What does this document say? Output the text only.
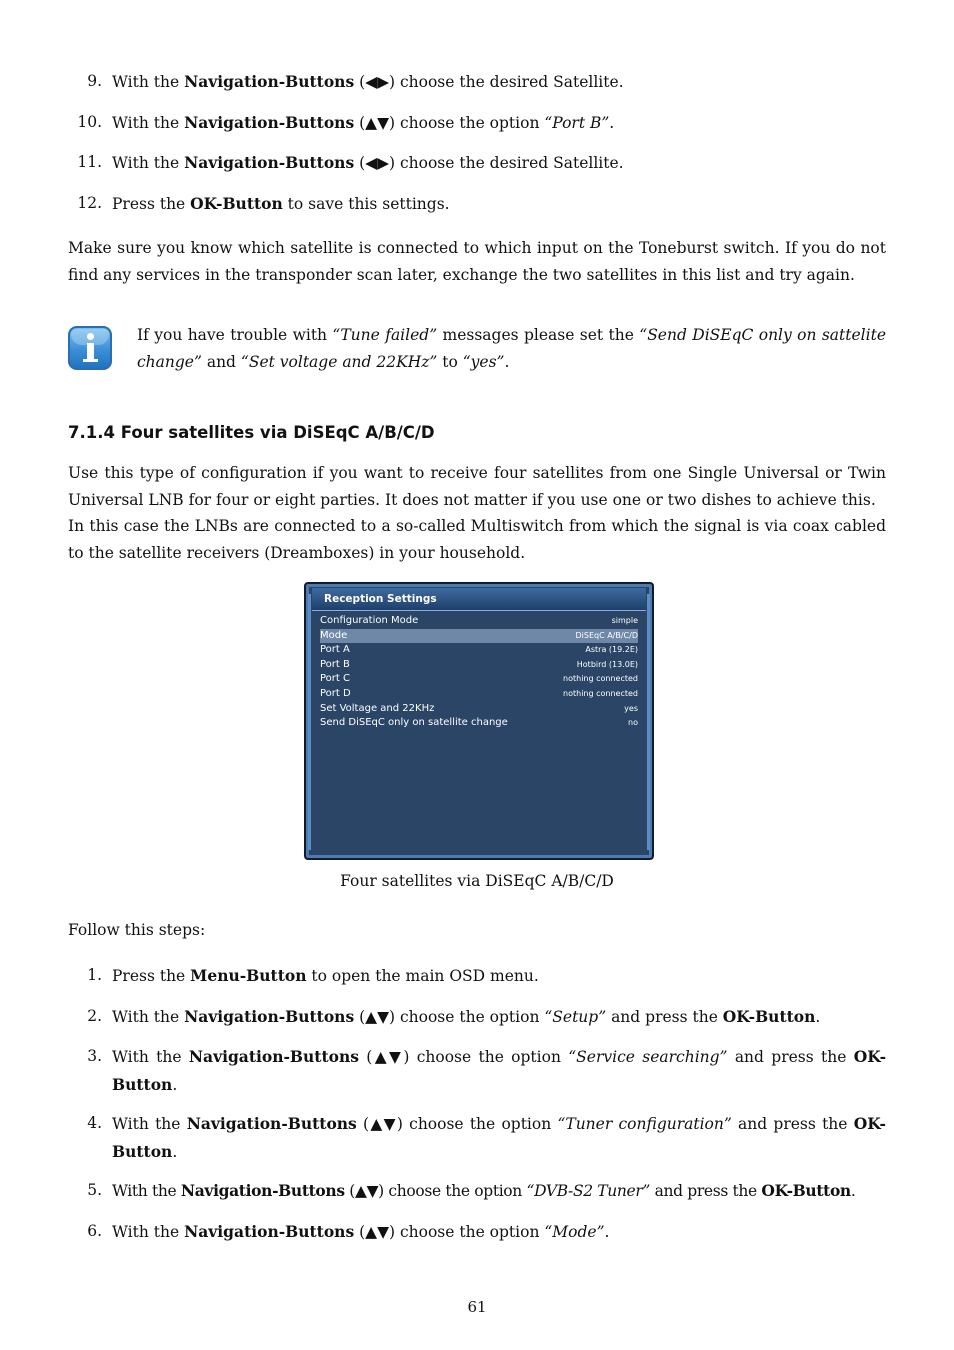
9. With the Navigation-Buttons (◀▶) choose the desired Satellite.
10. With the Navigation-Buttons (▲▼) choose the option “Port B”.
11. With the Navigation-Buttons (◀▶) choose the desired Satellite.
12. Press the OK-Button to save this settings.
Make sure you know which satellite is connected to which input on the Toneburst switch. If you do not find any services in the transponder scan later, exchange the two satellites in this list and try again.
If you have trouble with “Tune failed” messages please set the “Send DiSEqC only on sattelite change” and “Set voltage and 22KHz” to “yes”.
7.1.4 Four satellites via DiSEqC A/B/C/D
Use this type of configuration if you want to receive four satellites from one Single Universal or Twin Universal LNB for four or eight parties. It does not matter if you use one or two dishes to achieve this.
In this case the LNBs are connected to a so-called Multiswitch from which the signal is via coax cabled to the satellite receivers (Dreamboxes) in your household.
Reception Settings
Configuration Mode	simple
Mode	DiSEqC A/B/C/D
Port A	Astra (19.2E)
Port B	Hotbird (13.0E)
Port C	nothing connected
Port D	nothing connected
Set Voltage and 22KHz	yes
Send DiSEqC only on satellite change	no
Four satellites via DiSEqC A/B/C/D
Follow this steps:
1. Press the Menu-Button to open the main OSD menu.
2. With the Navigation-Buttons (▲▼) choose the option “Setup” and press the OK-Button.
3. With the Navigation-Buttons (▲▼) choose the option “Service searching” and press the OK-Button.
4. With the Navigation-Buttons (▲▼) choose the option “Tuner configuration” and press the OK-Button.
5. With the Navigation-Buttons (▲▼) choose the option “DVB-S2 Tuner” and press the OK-Button.
6. With the Navigation-Buttons (▲▼) choose the option “Mode”.
61
